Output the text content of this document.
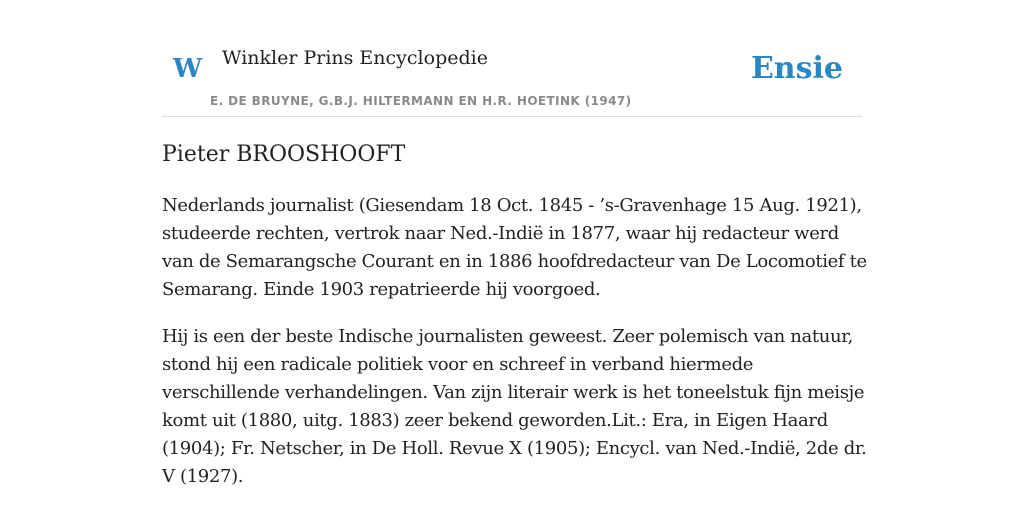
W Winkler Prins Encyclopedie
E. DE BRUYNE, G.B.J. HILTERMANN EN H.R. HOETINK (1947)
Ensie
Pieter BROOSHOOFT

Nederlands journalist (Giesendam 18 Oct. 1845 - ’s-Gravenhage 15 Aug. 1921), studeerde rechten, vertrok naar Ned.-Indië in 1877, waar hij redacteur werd van de Semarangsche Courant en in 1886 hoofdredacteur van De Locomotief te Semarang. Einde 1903 repatrieerde hij voorgoed.

Hij is een der beste Indische journalisten geweest. Zeer polemisch van natuur, stond hij een radicale politiek voor en schreef in verband hiermede verschillende verhandelingen. Van zijn literair werk is het toneelstuk fijn meisje komt uit (1880, uitg. 1883) zeer bekend geworden.Lit.: Era, in Eigen Haard (1904); Fr. Netscher, in De Holl. Revue X (1905); Encycl. van Ned.-Indië, 2de dr. V (1927).
